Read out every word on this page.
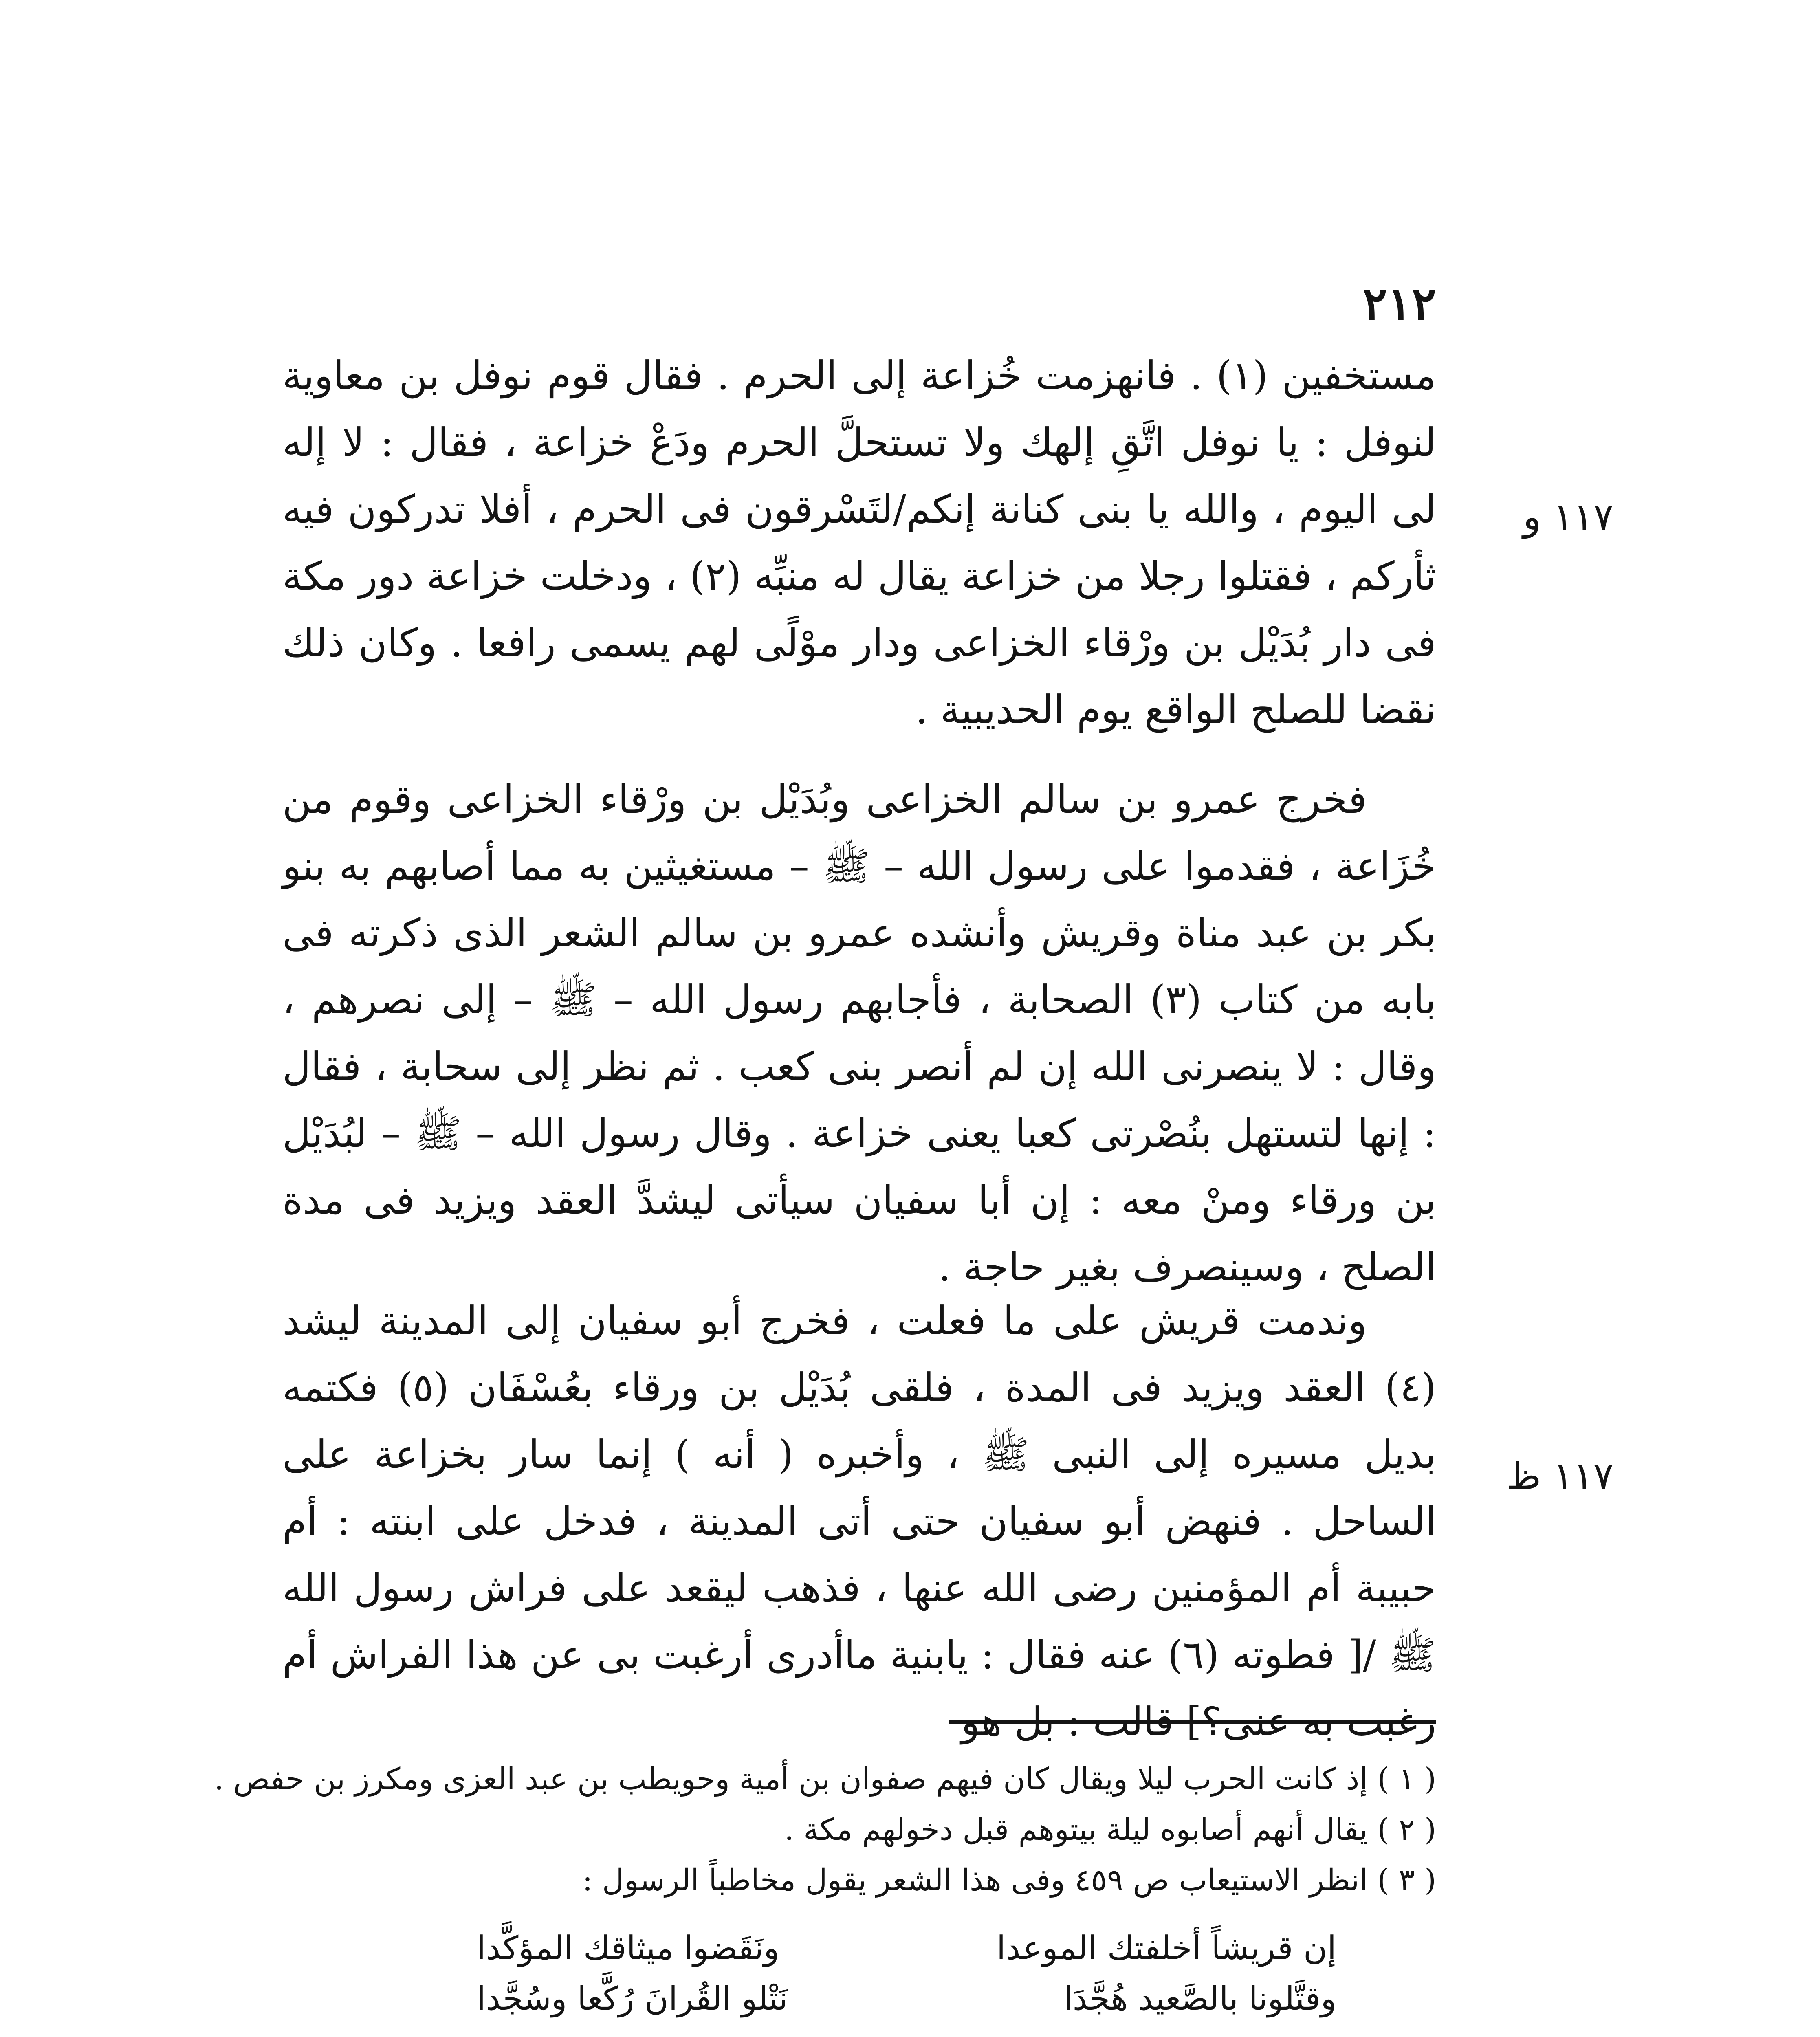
٢١٢
١١٧ و
١١٧ ظ

مستخفين (١) . فانهزمت خُزاعة إلى الحرم . فقال قوم نوفل بن معاوية لنوفل : يا نوفل اتَّقِ إلهك ولا تستحلَّ الحرم ودَعْ خزاعة ، فقال : لا إله لى اليوم ، والله يا بنى كنانة إنكم/لتَسْرقون فى الحرم ، أفلا تدركون فيه ثأركم ، فقتلوا رجلا من خزاعة يقال له منبِّه (٢) ، ودخلت خزاعة دور مكة فى دار بُدَيْل بن ورْقاء الخزاعى ودار موْلًى لهم يسمى رافعا . وكان ذلك نقضا للصلح الواقع يوم الحديبية .

فخرج عمرو بن سالم الخزاعى وبُدَيْل بن ورْقاء الخزاعى وقوم من خُزَاعة ، فقدموا على رسول الله – ﷺ – مستغيثين به مما أصابهم به بنو بكر بن عبد مناة وقريش وأنشده عمرو بن سالم الشعر الذى ذكرته فى بابه من كتاب (٣) الصحابة ، فأجابهم رسول الله – ﷺ – إلى نصرهم ، وقال : لا ينصرنى الله إن لم أنصر بنى كعب . ثم نظر إلى سحابة ، فقال : إنها لتستهل بنُصْرتى كعبا يعنى خزاعة . وقال رسول الله – ﷺ – لبُدَيْل بن ورقاء ومنْ معه : إن أبا سفيان سيأتى ليشدَّ العقد ويزيد فى مدة الصلح ، وسينصرف بغير حاجة .

وندمت قريش على ما فعلت ، فخرج أبو سفيان إلى المدينة ليشد (٤) العقد ويزيد فى المدة ، فلقى بُدَيْل بن ورقاء بعُسْفَان (٥) فكتمه بديل مسيره إلى النبى ﷺ ، وأخبره ( أنه ) إنما سار بخزاعة على الساحل . فنهض أبو سفيان حتى أتى المدينة ، فدخل على ابنته : أم حبيبة أم المؤمنين رضى الله عنها ، فذهب ليقعد على فراش رسول الله ﷺ /[ فطوته (٦) عنه فقال : يابنية ماأدرى أرغبت بى عن هذا الفراش أم رغبت به عنى؟] قالت : بل هو

( ١ ) إذ كانت الحرب ليلا ويقال كان فيهم صفوان بن أمية وحويطب بن عبد العزى ومكرز بن حفص .

( ٢ ) يقال أنهم أصابوه ليلة بيتوهم قبل دخولهم مكة .

( ٣ ) انظر الاستيعاب ص ٤٥٩ وفى هذا الشعر يقول مخاطباً الرسول :

إن قريشاً أخلفتك الموعدا
ونَقَضوا ميثاقك المؤكَّدا
وقتَّلونا بالصَّعيد هُجَّدَا
نَتْلو القُرانَ رُكَّعا وسُجَّدا
